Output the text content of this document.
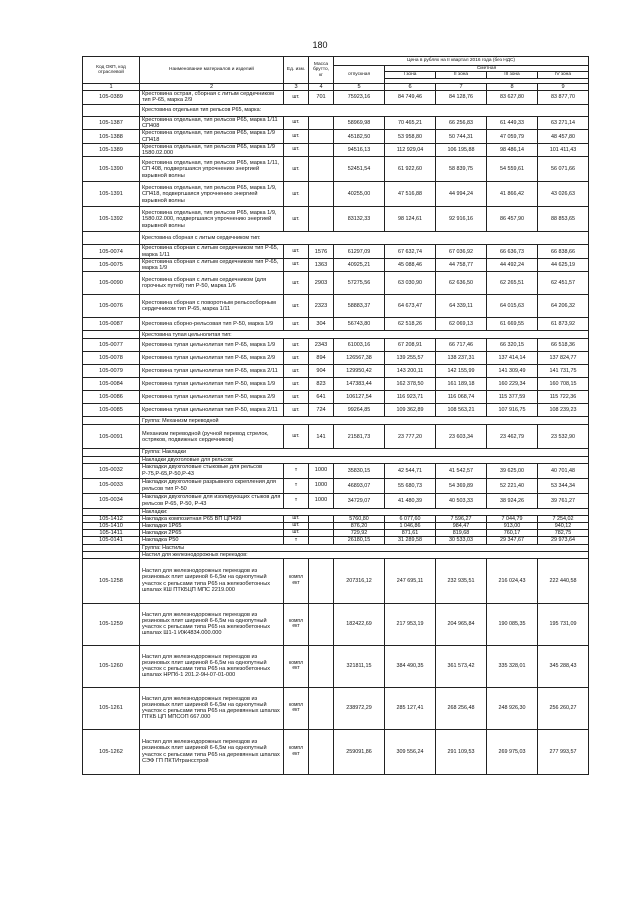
180
Код ОКП, код отраслевой	Наименование материалов и изделий	Ед. изм.	Масса брутто, кг	Цена в рублях на II квартал 2016 года (без НДС)				
				отпускная	Сметная			
					I зона	II зона	III зона	IV зона

1	2	3	4	5	6	7	8	9
105-0389	Крестовина острая, сборная с литым сердечником тип Р-65, марка 2/9	шт.	701	75923,16	84 749,46	84 128,76	83 627,80	83 877,70
	Крестовина отдельная тип рельсов Р65, марка:							
105-1387	Крестовина отдельная, тип рельсов Р65, марка 1/11 СП408	шт.		58969,98	70 465,21	66 256,83	61 449,33	63 271,14
105-1388	Крестовина отдельная, тип рельсов Р65, марка 1/9 СП418	шт.		45182,50	53 958,80	50 744,31	47 059,79	48 457,80
105-1389	Крестовина отдельная, тип рельсов Р65, марка 1/9 1580.02.000	шт.		94516,13	112 929,04	106 195,88	98 486,14	101 411,43
105-1390	Крестовина отдельная, тип рельсов Р65, марка 1/11, СП 408, подвергшаяся упрочнению энергией взрывной волны	шт.		52451,54	61 922,60	58 839,75	54 559,61	56 071,66
105-1391	Крестовина отдельная, тип рельсов Р65, марка 1/9, СП418, подвергшаяся упрочнению энергией взрывной волны	шт.		40255,00	47 516,88	44 994,24	41 866,42	43 026,63
105-1392	Крестовина отдельная, тип рельсов Р65, марка 1/9, 1580.02.000, подвергшаяся упрочнению энергией взрывной волны	шт.		83132,33	98 124,61	92 916,16	86 457,90	88 853,65
	Крестовина сборная с литым сердечником тип:							
105-0074	Крестовина сборная с литым сердечником тип Р-65, марка 1/11	шт.	1576	61297,09	67 632,74	67 036,92	66 636,73	66 838,66
105-0075	Крестовина сборная с литым сердечником тип Р-65, марка 1/9	шт.	1363	40925,21	45 088,46	44 758,77	44 492,24	44 625,19
105-0090	Крестовина сборная с литым сердечником (для горочных путей) тип Р-50, марка 1/6	шт.	2903	57275,56	63 030,90	62 636,50	62 265,51	62 451,57
105-0076	Крестовина сборная с поворотным рельсосборным сердечником тип Р-65, марка 1/11	шт.	2323	58883,37	64 673,47	64 339,11	64 015,63	64 206,32
105-0087	Крестовина сборно-рельсовая тип Р-50, марка 1/9	шт.	304	56743,80	62 518,26	62 069,13	61 669,55	61 873,92
	Крестовина тупая цельнолитая тип:							
105-0077	Крестовина тупая цельнолитая тип Р-65, марка 1/9	шт.	2343	61003,16	67 208,91	66 717,46	66 320,15	66 518,36
105-0078	Крестовина тупая цельнолитая тип Р-65, марка 2/9	шт.	894	126567,38	139 255,57	138 237,31	137 414,14	137 824,77
105-0079	Крестовина тупая цельнолитая тип Р-65, марка 2/11	шт.	904	129950,42	143 200,11	142 155,99	141 309,49	141 731,75
105-0084	Крестовина тупая цельнолитая тип Р-50, марка 1/9	шт.	823	147383,44	162 378,50	161 189,18	160 229,34	160 708,15
105-0086	Крестовина тупая цельнолитая тип Р-50, марка 2/9	шт.	641	106127,54	116 923,71	116 068,74	115 377,59	115 722,36
105-0085	Крестовина тупая цельнолитая тип Р-50, марка 2/11	шт.	724	99264,85	109 362,89	108 563,21	107 916,75	108 239,23
	Группа: Механизм переводной							
105-0091	Механизм переводной (ручной перевод стрелок, остряков, подвижных сердечников)	шт.	141	21581,73	23 777,20	23 603,34	23 462,79	23 532,90
	Группа: Накладки							
	Накладки двухголовые для рельсов:							
105-0032	Накладки двухголовые стыковые для рельсов Р-75,Р-65,Р-50,Р-43	т	1000	35830,15	42 544,71	41 542,57	39 625,00	40 701,48
105-0033	Накладки двухголовые разрывного скрепления для рельсов тип Р-50	т	1000	46893,07	55 680,73	54 369,89	52 221,40	53 344,34
105-0034	Накладки двухголовые для изолирующих стыков для рельсов Р-65, Р-50, Р-43	т	1000	34729,07	41 480,39	40 503,33	38 924,26	39 761,27
	Накладки:							
105-1412	Накладка композитная Р65 ВП ЦП499	шт.		5760,80	6 077,60	7 596,27	7 044,79	7 254,02
105-1410	Накладки 1Р65	шт.		876,20	1 046,86	984,47	913,00	940,12
105-1411	Накладки 2Р65	шт.		729,92	871,61	819,68	760,17	782,75
105-0141	Накладка Р50	т		26180,15	31 289,58	30 533,03	29 347,67	29 973,64
	Группа: Настилы							
	Настил для железнодорожных переездов:							
105-1258	Настил для железнодорожных переездов из резиновых плит шириной 6-6,5м на однопутный участок с рельсами типа Р65 на железобетонных шпалах КШ ПТКБЦП МПС 2219.000	компл ект		207316,12	247 695,11	232 935,51	216 024,43	222 440,58
105-1259	Настил для железнодорожных переездов из резиновых плит шириной 6-6,5м на однопутный участок с рельсами типа Р65 на железобетонных шпалах Ш1-1 ИЖ4834.000.000	компл ект		182422,69	217 953,19	204 965,84	190 085,35	195 731,09
105-1260	Настил для железнодорожных переездов из резиновых плит шириной 6-6,5м на однопутный участок с рельсами типа Р65 на железобетонных шпалах НРПб-1 201.2-9Н-07-01-000	компл ект		321811,15	384 490,35	361 573,42	335 328,01	345 288,43
105-1261	Настил для железнодорожных переездов из резиновых плит шириной 6-6,5м на однопутный участок с рельсами типа Р65 на деревянных шпалах ПТКБ ЦП МПСОП 667.000	компл ект		238972,29	285 127,41	268 256,48	248 926,30	256 260,27
105-1262	Настил для железнодорожных переездов из резиновых плит шириной 6-6,5м на однопутный участок с рельсами типа Р65 на деревянных шпалах СЭФ ГП ПКТИтрансстрой	компл ект		259091,86	309 556,24	291 109,53	269 975,03	277 993,57
